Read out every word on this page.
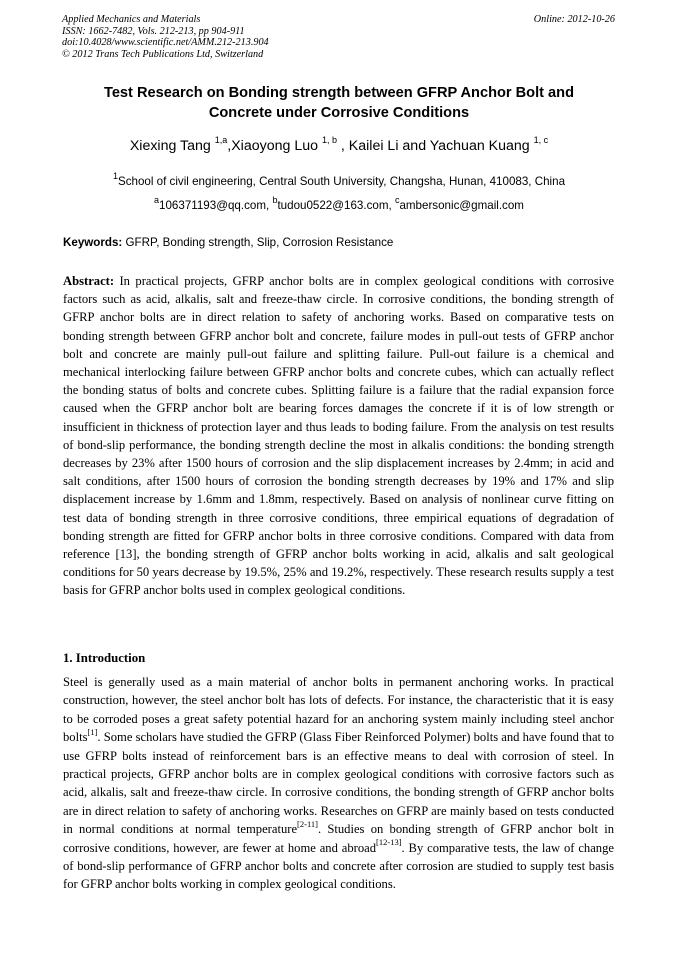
Applied Mechanics and Materials
ISSN: 1662-7482, Vols. 212-213, pp 904-911
doi:10.4028/www.scientific.net/AMM.212-213.904
© 2012 Trans Tech Publications Ltd, Switzerland
Online: 2012-10-26
Test Research on Bonding strength between GFRP Anchor Bolt and
Concrete under Corrosive Conditions
Xiexing Tang $^{1,a}$,Xiaoyong Luo $^{1, b}$ , Kailei Li and Yachuan Kuang $^{1, c}$
$^1$School of civil engineering, Central South University, Changsha, Hunan, 410083, China
$^a$106371193@qq.com, $^b$tudou0522@163.com, $^c$ambersonic@gmail.com
Keywords: GFRP, Bonding strength, Slip, Corrosion Resistance
Abstract: In practical projects, GFRP anchor bolts are in complex geological conditions with corrosive factors such as acid, alkalis, salt and freeze-thaw circle. In corrosive conditions, the bonding strength of GFRP anchor bolts are in direct relation to safety of anchoring works. Based on comparative tests on bonding strength between GFRP anchor bolt and concrete, failure modes in pull-out tests of GFRP anchor bolt and concrete are mainly pull-out failure and splitting failure. Pull-out failure is a chemical and mechanical interlocking failure between GFRP anchor bolts and concrete cubes, which can actually reflect the bonding status of bolts and concrete cubes. Splitting failure is a failure that the radial expansion force caused when the GFRP anchor bolt are bearing forces damages the concrete if it is of low strength or insufficient in thickness of protection layer and thus leads to boding failure. From the analysis on test results of bond-slip performance, the bonding strength decline the most in alkalis conditions: the bonding strength decreases by 23% after 1500 hours of corrosion and the slip displacement increases by 2.4mm; in acid and salt conditions, after 1500 hours of corrosion the bonding strength decreases by 19% and 17% and slip displacement increase by 1.6mm and 1.8mm, respectively. Based on analysis of nonlinear curve fitting on test data of bonding strength in three corrosive conditions, three empirical equations of degradation of bonding strength are fitted for GFRP anchor bolts in three corrosive conditions. Compared with data from reference [13], the bonding strength of GFRP anchor bolts working in acid, alkalis and salt geological conditions for 50 years decrease by 19.5%, 25% and 19.2%, respectively. These research results supply a test basis for GFRP anchor bolts used in complex geological conditions.
1. Introduction
Steel is generally used as a main material of anchor bolts in permanent anchoring works. In practical construction, however, the steel anchor bolt has lots of defects. For instance, the characteristic that it is easy to be corroded poses a great safety potential hazard for an anchoring system mainly including steel anchor bolts[1]. Some scholars have studied the GFRP (Glass Fiber Reinforced Polymer) bolts and have found that to use GFRP bolts instead of reinforcement bars is an effective means to deal with corrosion of steel. In practical projects, GFRP anchor bolts are in complex geological conditions with corrosive factors such as acid, alkalis, salt and freeze-thaw circle. In corrosive conditions, the bonding strength of GFRP anchor bolts are in direct relation to safety of anchoring works. Researches on GFRP are mainly based on tests conducted in normal conditions at normal temperature[2-11]. Studies on bonding strength of GFRP anchor bolt in corrosive conditions, however, are fewer at home and abroad[12-13]. By comparative tests, the law of change of bond-slip performance of GFRP anchor bolts and concrete after corrosion are studied to supply test basis for GFRP anchor bolts working in complex geological conditions.
